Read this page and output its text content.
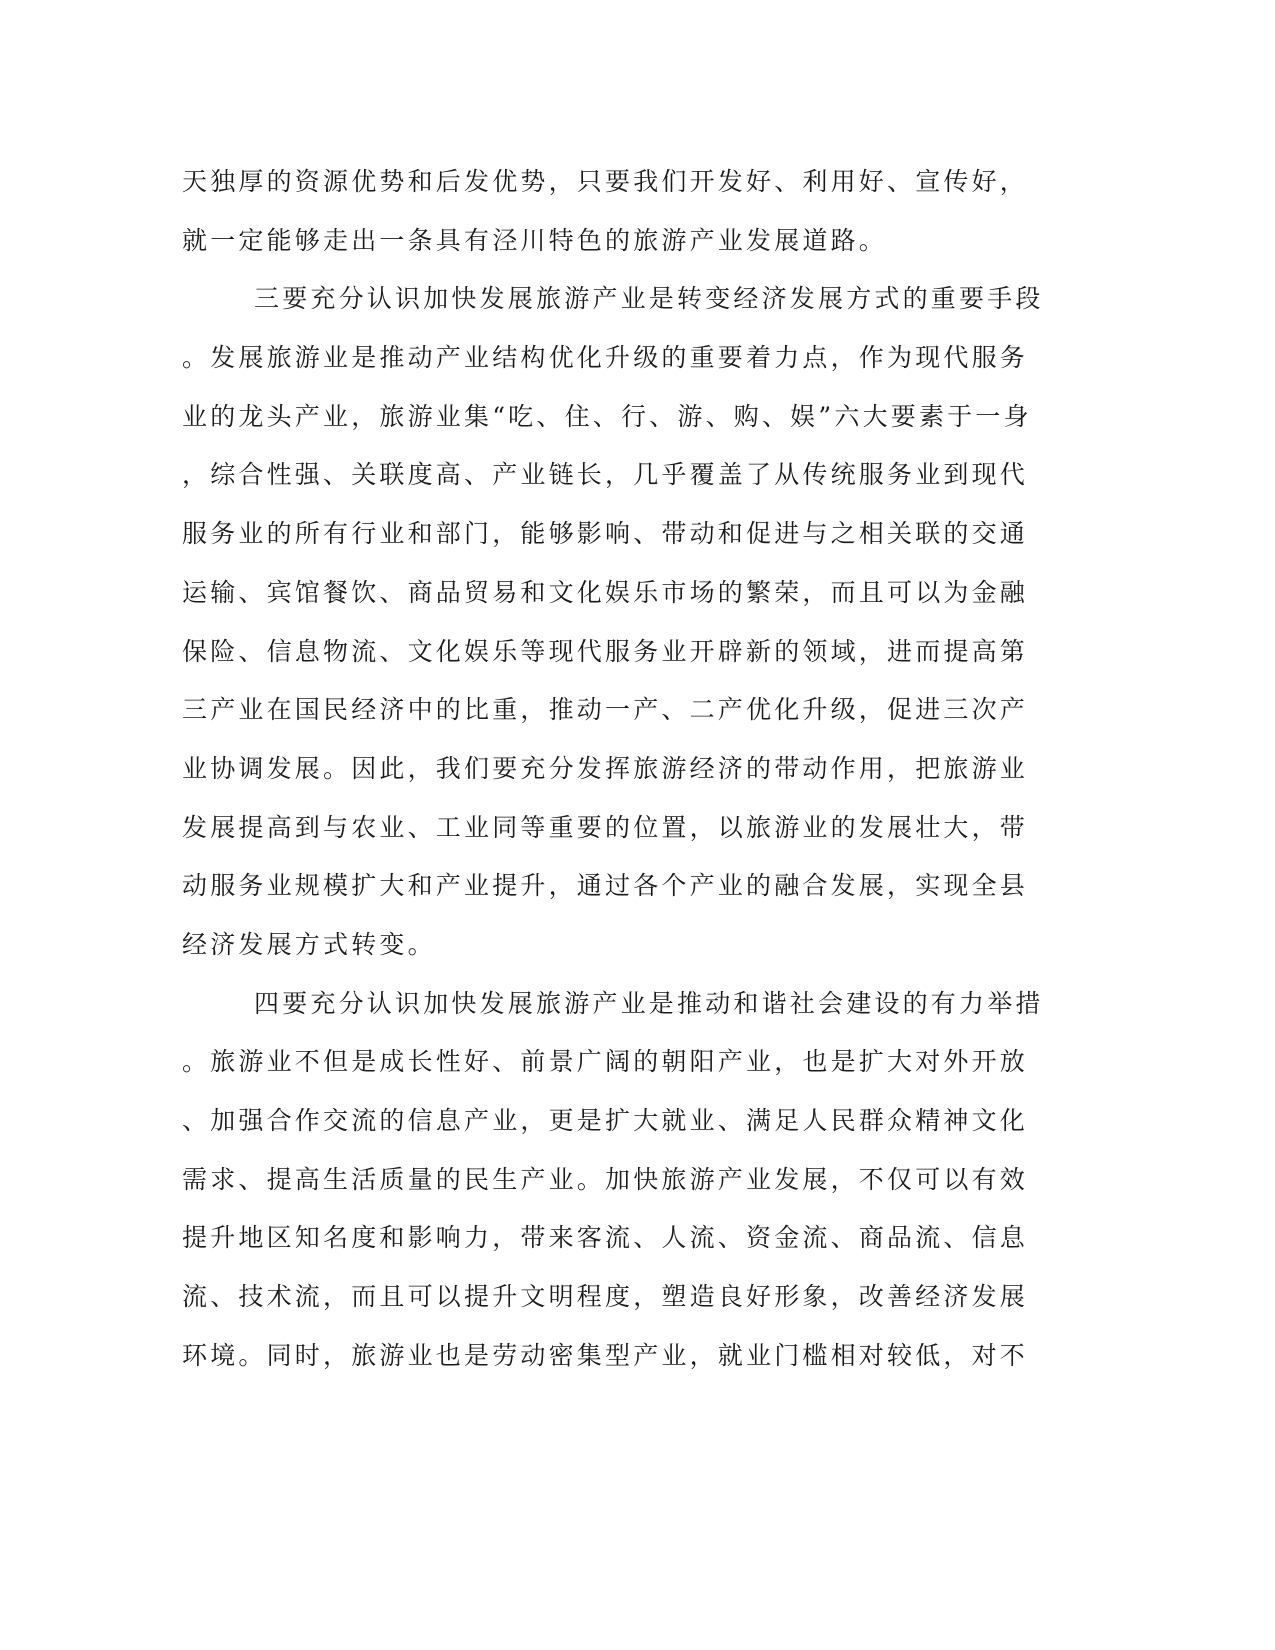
天独厚的资源优势和后发优势，只要我们开发好、利用好、宣传好，
就一定能够走出一条具有泾川特色的旅游产业发展道路。
三要充分认识加快发展旅游产业是转变经济发展方式的重要手段
。发展旅游业是推动产业结构优化升级的重要着力点，作为现代服务
业的龙头产业，旅游业集“吃、住、行、游、购、娱”六大要素于一身
，综合性强、关联度高、产业链长，几乎覆盖了从传统服务业到现代
服务业的所有行业和部门，能够影响、带动和促进与之相关联的交通
运输、宾馆餐饮、商品贸易和文化娱乐市场的繁荣，而且可以为金融
保险、信息物流、文化娱乐等现代服务业开辟新的领域，进而提高第
三产业在国民经济中的比重，推动一产、二产优化升级，促进三次产
业协调发展。因此，我们要充分发挥旅游经济的带动作用，把旅游业
发展提高到与农业、工业同等重要的位置，以旅游业的发展壮大，带
动服务业规模扩大和产业提升，通过各个产业的融合发展，实现全县
经济发展方式转变。
四要充分认识加快发展旅游产业是推动和谐社会建设的有力举措
。旅游业不但是成长性好、前景广阔的朝阳产业，也是扩大对外开放
、加强合作交流的信息产业，更是扩大就业、满足人民群众精神文化
需求、提高生活质量的民生产业。加快旅游产业发展，不仅可以有效
提升地区知名度和影响力，带来客流、人流、资金流、商品流、信息
流、技术流，而且可以提升文明程度，塑造良好形象，改善经济发展
环境。同时，旅游业也是劳动密集型产业，就业门槛相对较低，对不
